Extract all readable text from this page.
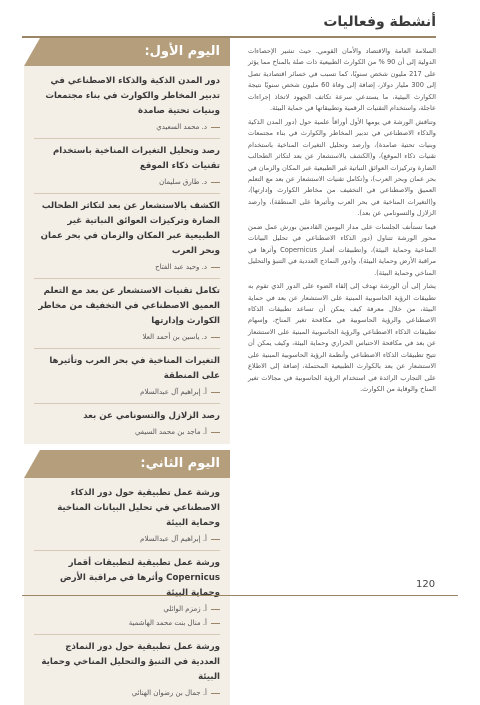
أنشطة وفعاليات

السلامة العامة والاقتصاد والأمان القومي. حيث تشير الإحصاءات الدولية إلى أن 90 % من الكوارث الطبيعية ذات صلة بالمناخ مما يؤثر على 217 مليون شخص سنويًا، كما تسبب في خسائر اقتصادية تصل إلى 300 مليار دولار، إضافة إلى وفاة 60 مليون شخص سنويًا نتيجة الكوارث البيئية، ما يستدعي سرعة تكاتف الجهود لاتخاذ إجراءات عاجلة، واستخدام التقنيات الرقمية وتطبيقاتها في حماية البيئة.

وتناقش الورشة في يومها الأول أوراقاً علمية حول (دور المدن الذكية والذكاء الاصطناعي في تدبير المخاطر والكوارث في بناء مجتمعات وبنيات تحتية صامدة)، و(رصد وتحليل التغيرات المناخية باستخدام تقنيات ذكاء الموقع)، و(الكشف بالاستشعار عن بعد لتكاثر الطحالب الضارة وتركيزات العوائق النباتية غير الطبيعية عبر المكان والزمان في بحر عمان وبحر العرب)، و(تكامل تقنيات الاستشعار عن بعد مع التعلم العميق والاصطناعي في التخفيف من مخاطر الكوارث وإدارتها)، و(التغيرات المناخية في بحر العرب وتأثيرها على المنطقة)، و(رصد الزلازل والتسونامي عن بعد).

فيما تستأنف الجلسات على مدار اليومين القادمين بورش عمل ضمن محور الورشة تتناول (دور الذكاء الاصطناعي في تحليل البيانات المناخية وحماية البيئة)، و(تطبيقات أقمار Copernicus وأثرها في مراقبة الأرض وحماية البيئة)، و(دور النماذج العددية في التنبؤ والتحليل المناخي وحماية البيئة).

يشار إلى أن الورشة تهدف إلى إلقاء الضوء على الدور الذي تقوم به تطبيقات الرؤية الحاسوبية المبنية على الاستشعار عن بعد في حماية البيئة، من خلال معرفة كيف يمكن أن تساعد تطبيقات الذكاء الاصطناعي والرؤية الحاسوبية في مكافحة تغير المناخ، وإسهام تطبيقات الذكاء الاصطناعي والرؤية الحاسوبية المبنية على الاستشعار عن بعد في مكافحة الاحتباس الحراري وحماية البيئة، وكيف يمكن أن تتيح تطبيقات الذكاء الاصطناعي وأنظمة الرؤية الحاسوبية المبنية على الاستشعار عن بعد بالكوارث الطبيعية المحتملة، إضافة إلى الاطلاع على التجارب الرائدة في استخدام الرؤية الحاسوبية في مجالات تغير المناخ والوقاية من الكوارث.

اليوم الأول:
دور المدن الذكية والذكاء الاصطناعي في تدبير المخاطر والكوارث في بناء مجتمعات وبنيات تحتية صامدة
د. محمد السعيدي
رصد وتحليل التغيرات المناخية باستخدام تقنيات ذكاء الموقع
د. طارق سليمان
الكشف بالاستشعار عن بعد لتكاثر الطحالب الضارة وتركيزات العوائق النباتية غير الطبيعية عبر المكان والزمان في بحر عمان وبحر العرب
د. وحيد عبد الفتاح
تكامل تقنيات الاستشعار عن بعد مع التعلم العميق الاصطناعي في التخفيف من مخاطر الكوارث وإدارتها
د. ياسين بن أحمد العلا
التغيرات المناخية في بحر العرب وتأثيرها على المنطقة
أ. إبراهيم آل عبدالسلام
رصد الزلازل والتسونامي عن بعد
أ. ماجد بن محمد السيفي
اليوم الثاني:
ورشة عمل تطبيقية حول دور الذكاء الاصطناعي في تحليل البيانات المناخية وحماية البيئة
أ. إبراهيم آل عبدالسلام
ورشة عمل تطبيقية لتطبيقات أقمار Copernicus وأثرها في مراقبة الأرض وحماية البيئة
أ. زمزم الوائلي
أ. منال بنت محمد الهاشمية
ورشة عمل تطبيقية حول دور النماذج العددية في التنبؤ والتحليل المناخي وحماية البيئة
أ. جمال بن رضوان الهنائي
120
